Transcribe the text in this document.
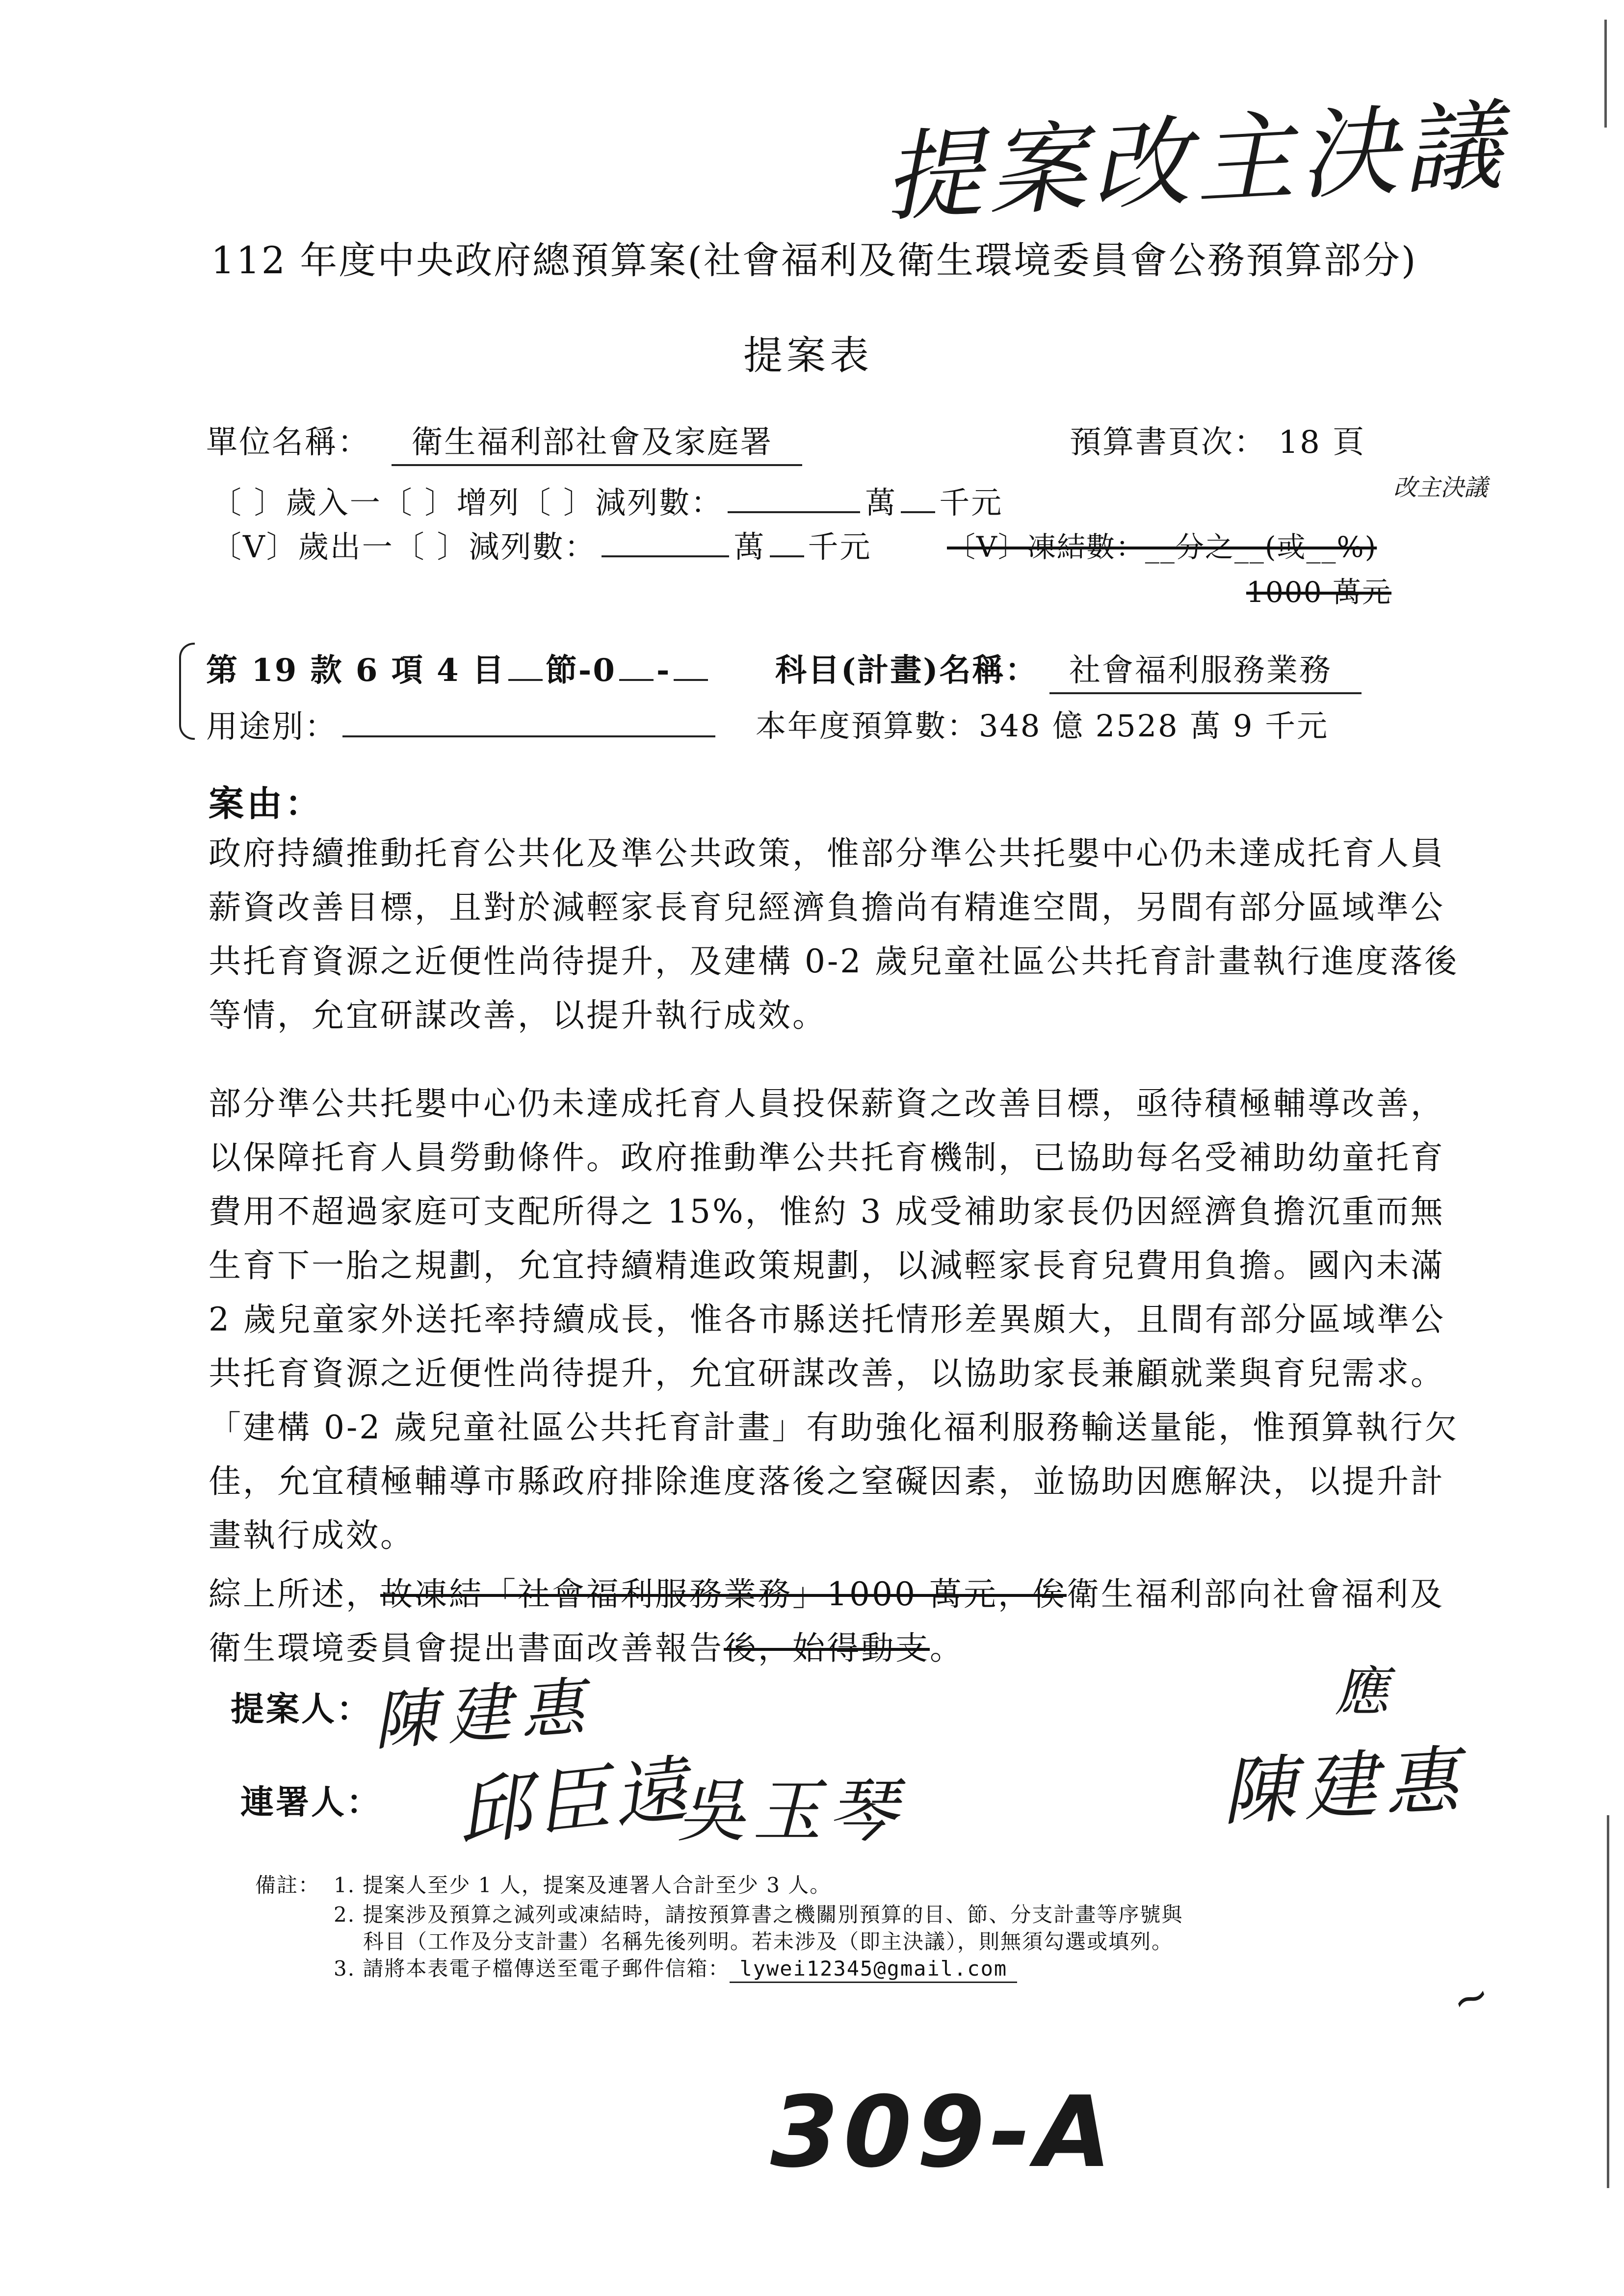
提案改主決議
112 年度中央政府總預算案(社會福利及衛生環境委員會公務預算部分)
提案表
單位名稱： 衛生福利部社會及家庭署	預算書頁次： 18 頁
改主決議
〔 〕歲入一〔 〕增列〔 〕減列數：	萬 千元
〔V〕歲出一〔 〕減列數：	萬 千元	〔V〕凍結數：__分之__(或__%)
1000 萬元
第 19 款 6 項 4 目 節-0 -	科目(計畫)名稱： 社會福利服務業務
用途別：	本年度預算數：348 億 2528 萬 9 千元
案由：
政府持續推動托育公共化及準公共政策，惟部分準公共托嬰中心仍未達成托育人員薪資改善目標，且對於減輕家長育兒經濟負擔尚有精進空間，另間有部分區域準公共托育資源之近便性尚待提升，及建構 0-2 歲兒童社區公共托育計畫執行進度落後等情，允宜研謀改善，以提升執行成效。
部分準公共托嬰中心仍未達成托育人員投保薪資之改善目標，亟待積極輔導改善，以保障托育人員勞動條件。政府推動準公共托育機制，已協助每名受補助幼童托育費用不超過家庭可支配所得之 15%，惟約 3 成受補助家長仍因經濟負擔沉重而無生育下一胎之規劃，允宜持續精進政策規劃，以減輕家長育兒費用負擔。國內未滿 2 歲兒童家外送托率持續成長，惟各市縣送托情形差異頗大，且間有部分區域準公共托育資源之近便性尚待提升，允宜研謀改善，以協助家長兼顧就業與育兒需求。「建構 0-2 歲兒童社區公共托育計畫」有助強化福利服務輸送量能，惟預算執行欠佳，允宜積極輔導市縣政府排除進度落後之窒礙因素，並協助因應解決，以提升計畫執行成效。
綜上所述，故凍結「社會福利服務業務」1000 萬元，俟衛生福利部向社會福利及衛生環境委員會提出書面改善報告後，始得動支。
應
提案人：
陳建惠
連署人： 邱臣遠
吳玉琴	陳建惠
備註： 1. 提案人至少 1 人，提案及連署人合計至少 3 人。
2. 提案涉及預算之減列或凍結時，請按預算書之機關別預算的目、節、分支計畫等序號與
科目（工作及分支計畫）名稱先後列明。若未涉及（即主決議），則無須勾選或填列。
3. 請將本表電子檔傳送至電子郵件信箱： lywei12345@gmail.com	~
309-A
